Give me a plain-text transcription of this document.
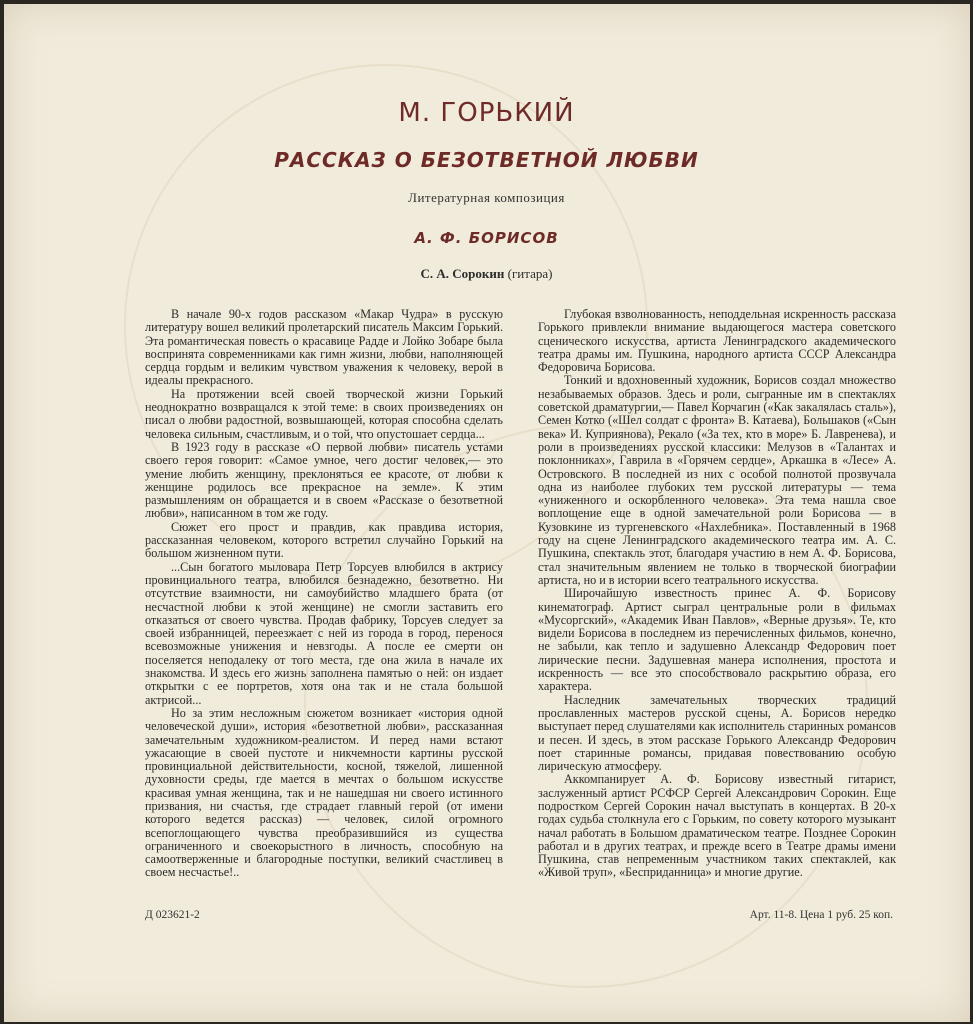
М. ГОРЬКИЙ
РАССКАЗ О БЕЗОТВЕТНОЙ ЛЮБВИ
Литературная композиция
А. Ф. БОРИСОВ
С. А. Сорокин (гитара)

В начале 90-х годов рассказом «Макар Чудра» в русскую литературу вошел великий пролетарский писатель Максим Горький. Эта романтическая повесть о красавице Радде и Лойко Зобаре была воспринята современниками как гимн жизни, любви, наполняющей сердца гордым и великим чувством уважения к человеку, верой в идеалы прекрасного.

На протяжении всей своей творческой жизни Горький неоднократно возвращался к этой теме: в своих произведениях он писал о любви радостной, возвышающей, которая способна сделать человека сильным, счастливым, и о той, что опустошает сердца...

В 1923 году в рассказе «О первой любви» писатель устами своего героя говорит: «Самое умное, чего достиг человек,— это умение любить женщину, преклоняться ее красоте, от любви к женщине родилось все прекрасное на земле». К этим размышлениям он обращается и в своем «Рассказе о безответной любви», написанном в том же году.

Сюжет его прост и правдив, как правдива история, рассказанная человеком, которого встретил случайно Горький на большом жизненном пути.

...Сын богатого мыловара Петр Торсуев влюбился в актрису провинциального театра, влюбился безнадежно, безответно. Ни отсутствие взаимности, ни самоубийство младшего брата (от несчастной любви к этой женщине) не смогли заставить его отказаться от своего чувства. Продав фабрику, Торсуев следует за своей избранницей, переезжает с ней из города в город, перенося всевозможные унижения и невзгоды. А после ее смерти он поселяется неподалеку от того места, где она жила в начале их знакомства. И здесь его жизнь заполнена памятью о ней: он издает открытки с ее портретов, хотя она так и не стала большой актрисой...

Но за этим несложным сюжетом возникает «история одной человеческой души», история «безответной любви», рассказанная замечательным художником-реалистом. И перед нами встают ужасающие в своей пустоте и никчемности картины русской провинциальной действительности, косной, тяжелой, лишенной духовности среды, где мается в мечтах о большом искусстве красивая умная женщина, так и не нашедшая ни своего истинного призвания, ни счастья, где страдает главный герой (от имени которого ведется рассказ) — человек, силой огромного всепоглощающего чувства преобразившийся из существа ограниченного и своекорыстного в личность, способную на самоотверженные и благородные поступки, великий счастливец в своем несчастье!..

Глубокая взволнованность, неподдельная искренность рассказа Горького привлекли внимание выдающегося мастера советского сценического искусства, артиста Ленинградского академического театра драмы им. Пушкина, народного артиста СССР Александра Федоровича Борисова.

Тонкий и вдохновенный художник, Борисов создал множество незабываемых образов. Здесь и роли, сыгранные им в спектаклях советской драматургии,— Павел Корчагин («Как закалялась сталь»), Семен Котко («Шел солдат с фронта» В. Катаева), Большаков («Сын века» И. Куприянова), Рекало («За тех, кто в море» Б. Лавренева), и роли в произведениях русской классики: Мелузов в «Талантах и поклонниках», Гаврила в «Горячем сердце», Аркашка в «Лесе» А. Островского. В последней из них с особой полнотой прозвучала одна из наиболее глубоких тем русской литературы — тема «униженного и оскорбленного человека». Эта тема нашла свое воплощение еще в одной замечательной роли Борисова — в Кузовкине из тургеневского «Нахлебника». Поставленный в 1968 году на сцене Ленинградского академического театра им. А. С. Пушкина, спектакль этот, благодаря участию в нем А. Ф. Борисова, стал значительным явлением не только в творческой биографии артиста, но и в истории всего театрального искусства.

Широчайшую известность принес А. Ф. Борисову кинематограф. Артист сыграл центральные роли в фильмах «Мусоргский», «Академик Иван Павлов», «Верные друзья». Те, кто видели Борисова в последнем из перечисленных фильмов, конечно, не забыли, как тепло и задушевно Александр Федорович поет лирические песни. Задушевная манера исполнения, простота и искренность — все это способствовало раскрытию образа, его характера.

Наследник замечательных творческих традиций прославленных мастеров русской сцены, А. Борисов нередко выступает перед слушателями как исполнитель старинных романсов и песен. И здесь, в этом рассказе Горького Александр Федорович поет старинные романсы, придавая повествованию особую лирическую атмосферу.

Аккомпанирует А. Ф. Борисову известный гитарист, заслуженный артист РСФСР Сергей Александрович Сорокин. Еще подростком Сергей Сорокин начал выступать в концертах. В 20-х годах судьба столкнула его с Горьким, по совету которого музыкант начал работать в Большом драматическом театре. Позднее Сорокин работал и в других театрах, и прежде всего в Театре драмы имени Пушкина, став непременным участником таких спектаклей, как «Живой труп», «Бесприданница» и многие другие.

Д 023621-2	Арт. 11-8. Цена 1 руб. 25 коп.
